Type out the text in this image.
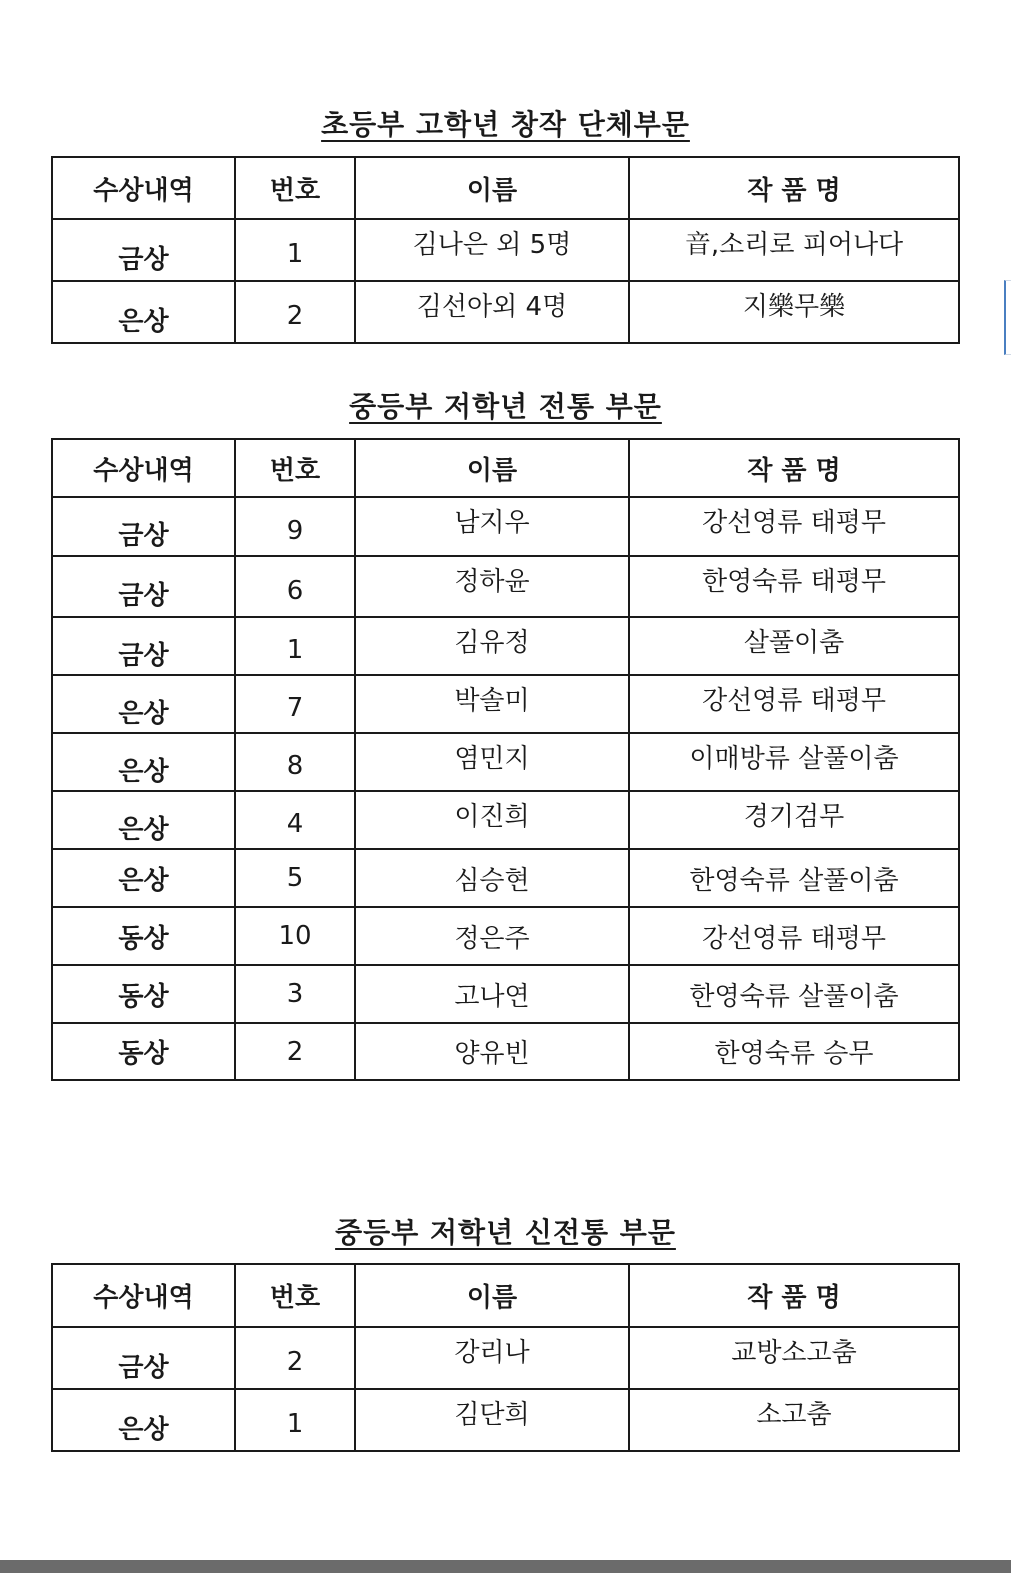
초등부 고학년 창작 단체부문
수상내역	번호	이름	작 품 명
금상	1	김나은 외 5명	音,소리로 피어나다
은상	2	김선아외 4명	지樂무樂
중등부 저학년 전통 부문
수상내역	번호	이름	작 품 명
금상	9	남지우	강선영류 태평무
금상	6	정하윤	한영숙류 태평무
금상	1	김유정	살풀이춤
은상	7	박솔미	강선영류 태평무
은상	8	염민지	이매방류 살풀이춤
은상	4	이진희	경기검무
은상	5	심승현	한영숙류 살풀이춤
동상	10	정은주	강선영류 태평무
동상	3	고나연	한영숙류 살풀이춤
동상	2	양유빈	한영숙류 승무
중등부 저학년 신전통 부문
수상내역	번호	이름	작 품 명
금상	2	강리나	교방소고춤
은상	1	김단희	소고춤
